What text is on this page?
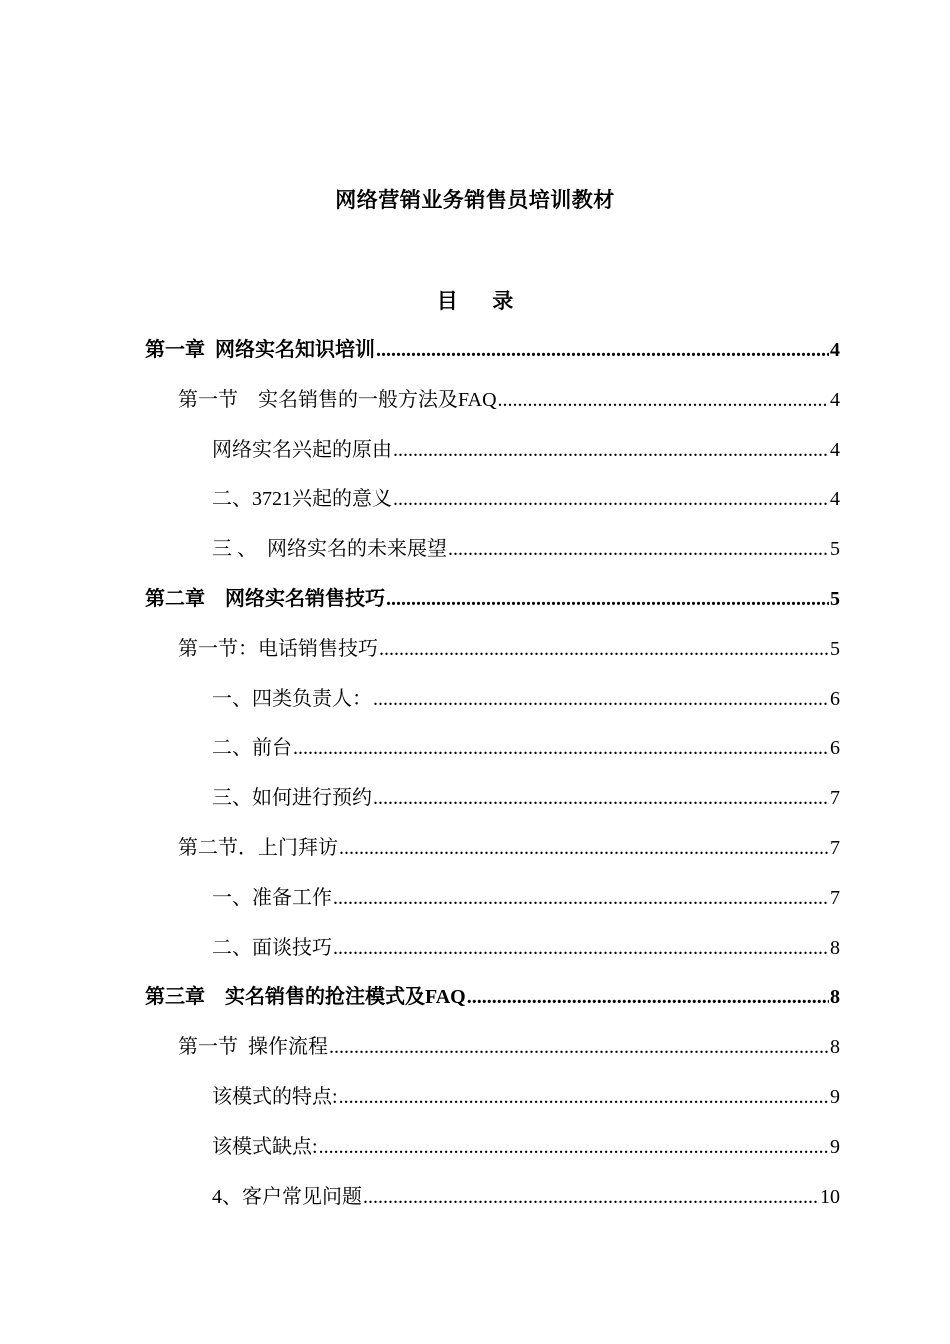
网络营销业务销售员培训教材
目 录
第一章  网络实名知识培训 .....	4
第一节    实名销售的一般方法及FAQ .....	4
网络实名兴起的原由 .....	4
二、3721兴起的意义 .....	4
三 、  网络实名的未来展望 .....	5
第二章    网络实名销售技巧 .....	5
第一节：电话销售技巧 .....	5
一、四类负责人： .....	6
二、前台 .....	6
三、如何进行预约 .....	7
第二节．上门拜访 .....	7
一、准备工作 .....	7
二、面谈技巧 .....	8
第三章    实名销售的抢注模式及FAQ .....	8
第一节  操作流程 .....	8
该模式的特点: .....	9
该模式缺点: .....	9
4、客户常见问题 .....	10
